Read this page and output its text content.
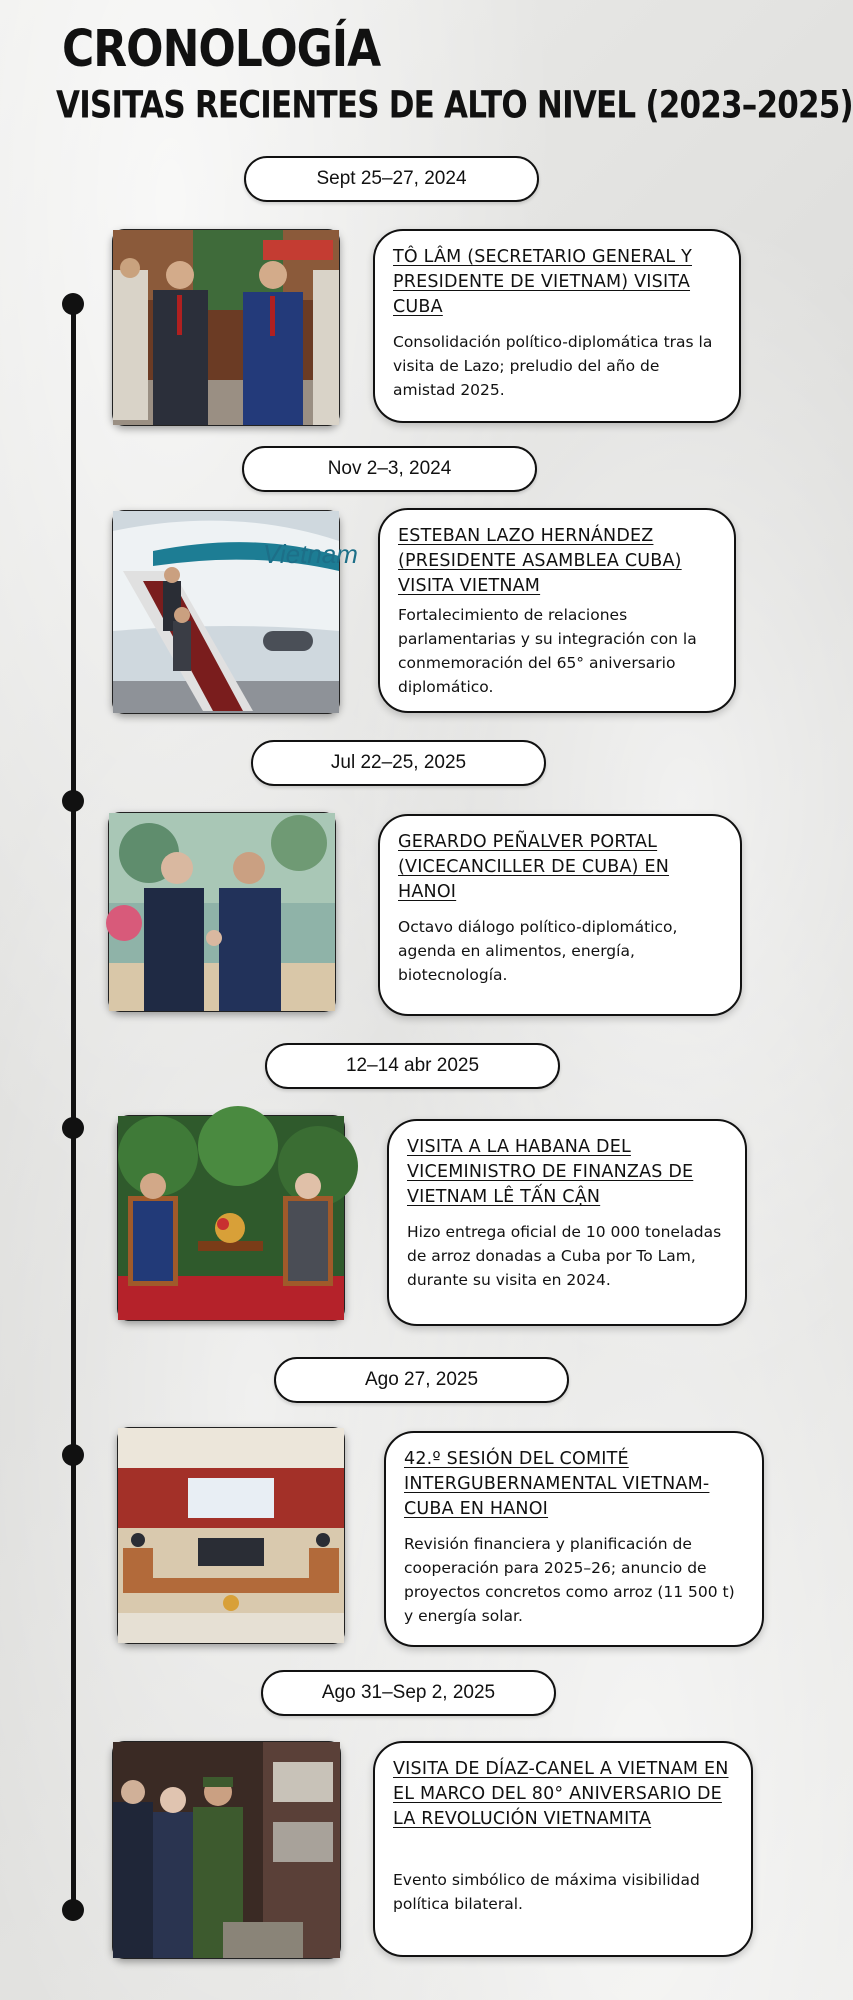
CRONOLOGÍA
VISITAS RECIENTES DE ALTO NIVEL (2023–2025)
Sept 25–27, 2024
TÔ LÂM (SECRETARIO GENERAL Y PRESIDENTE DE VIETNAM) VISITA CUBA
Consolidación político-diplomática tras la visita de Lazo; preludio del año de amistad 2025.
Nov 2–3, 2024
Vietnam
ESTEBAN LAZO HERNÁNDEZ (PRESIDENTE ASAMBLEA CUBA) VISITA VIETNAM
Fortalecimiento de relaciones parlamentarias y su integración con la conmemoración del 65° aniversario diplomático.
Jul 22–25, 2025
GERARDO PEÑALVER PORTAL (VICECANCILLER DE CUBA) EN HANOI
Octavo diálogo político-diplomático, agenda en alimentos, energía, biotecnología.
12–14 abr 2025
VISITA A LA HABANA DEL VICEMINISTRO DE FINANZAS DE VIETNAM LÊ TẤN CẬN
Hizo entrega oficial de 10 000 toneladas de arroz donadas a Cuba por To Lam, durante su visita en 2024.
Ago 27, 2025
42.º SESIÓN DEL COMITÉ INTERGUBERNAMENTAL VIETNAM-CUBA EN HANOI
Revisión financiera y planificación de cooperación para 2025–26; anuncio de proyectos concretos como arroz (11 500 t) y energía solar.
Ago 31–Sep 2, 2025
VISITA DE DÍAZ-CANEL A VIETNAM EN EL MARCO DEL 80° ANIVERSARIO DE LA REVOLUCIÓN VIETNAMITA
Evento simbólico de máxima visibilidad política bilateral.
